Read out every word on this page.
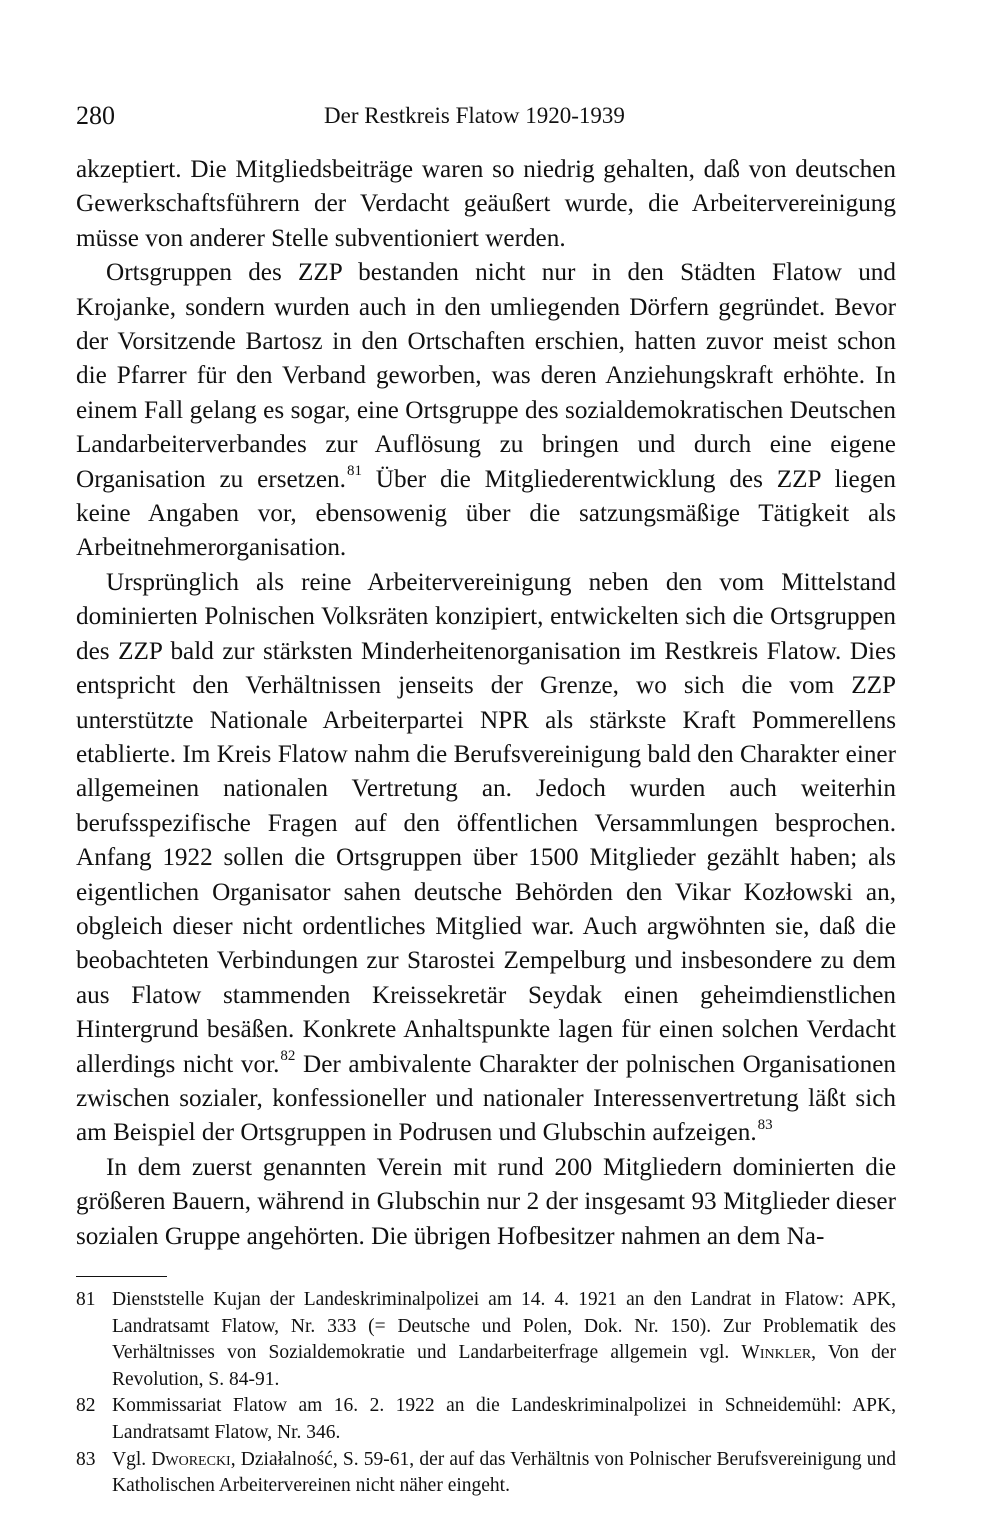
280	Der Restkreis Flatow 1920-1939

akzeptiert. Die Mitgliedsbeiträge waren so niedrig gehalten, daß von deutschen Gewerkschaftsführern der Verdacht geäußert wurde, die Arbeitervereinigung müsse von anderer Stelle subventioniert werden.

Ortsgruppen des ZZP bestanden nicht nur in den Städten Flatow und Krojanke, sondern wurden auch in den umliegenden Dörfern gegründet. Bevor der Vorsitzende Bartosz in den Ortschaften erschien, hatten zuvor meist schon die Pfarrer für den Verband geworben, was deren Anziehungskraft erhöhte. In einem Fall gelang es sogar, eine Ortsgruppe des sozialdemokratischen Deutschen Landarbeiterverbandes zur Auflösung zu bringen und durch eine eigene Organisation zu ersetzen.$^{81}$ Über die Mitgliederentwicklung des ZZP liegen keine Angaben vor, ebensowenig über die satzungsmäßige Tätigkeit als Arbeitnehmerorganisation.

Ursprünglich als reine Arbeitervereinigung neben den vom Mittelstand dominierten Polnischen Volksräten konzipiert, entwickelten sich die Ortsgruppen des ZZP bald zur stärksten Minderheitenorganisation im Restkreis Flatow. Dies entspricht den Verhältnissen jenseits der Grenze, wo sich die vom ZZP unterstützte Nationale Arbeiterpartei NPR als stärkste Kraft Pommerellens etablierte. Im Kreis Flatow nahm die Berufsvereinigung bald den Charakter einer allgemeinen nationalen Vertretung an. Jedoch wurden auch weiterhin berufsspezifische Fragen auf den öffentlichen Versammlungen besprochen. Anfang 1922 sollen die Ortsgruppen über 1500 Mitglieder gezählt haben; als eigentlichen Organisator sahen deutsche Behörden den Vikar Kozłowski an, obgleich dieser nicht ordentliches Mitglied war. Auch argwöhnten sie, daß die beobachteten Verbindungen zur Starostei Zempelburg und insbesondere zu dem aus Flatow stammenden Kreissekretär Seydak einen geheimdienstlichen Hintergrund besäßen. Konkrete Anhaltspunkte lagen für einen solchen Verdacht allerdings nicht vor.$^{82}$ Der ambivalente Charakter der polnischen Organisationen zwischen sozialer, konfessioneller und nationaler Interessenvertretung läßt sich am Beispiel der Ortsgruppen in Podrusen und Glubschin aufzeigen.$^{83}$

In dem zuerst genannten Verein mit rund 200 Mitgliedern dominierten die größeren Bauern, während in Glubschin nur 2 der insgesamt 93 Mitglieder dieser sozialen Gruppe angehörten. Die übrigen Hofbesitzer nahmen an dem Na-

81 Dienststelle Kujan der Landeskriminalpolizei am 14. 4. 1921 an den Landrat in Flatow: APK, Landratsamt Flatow, Nr. 333 (= Deutsche und Polen, Dok. Nr. 150). Zur Problematik des Verhältnisses von Sozialdemokratie und Landarbeiterfrage allgemein vgl. Winkler, Von der Revolution, S. 84-91.
82 Kommissariat Flatow am 16. 2. 1922 an die Landeskriminalpolizei in Schneidemühl: APK, Landratsamt Flatow, Nr. 346.
83 Vgl. Dworecki, Działalność, S. 59-61, der auf das Verhältnis von Polnischer Berufsvereinigung und Katholischen Arbeitervereinen nicht näher eingeht.
